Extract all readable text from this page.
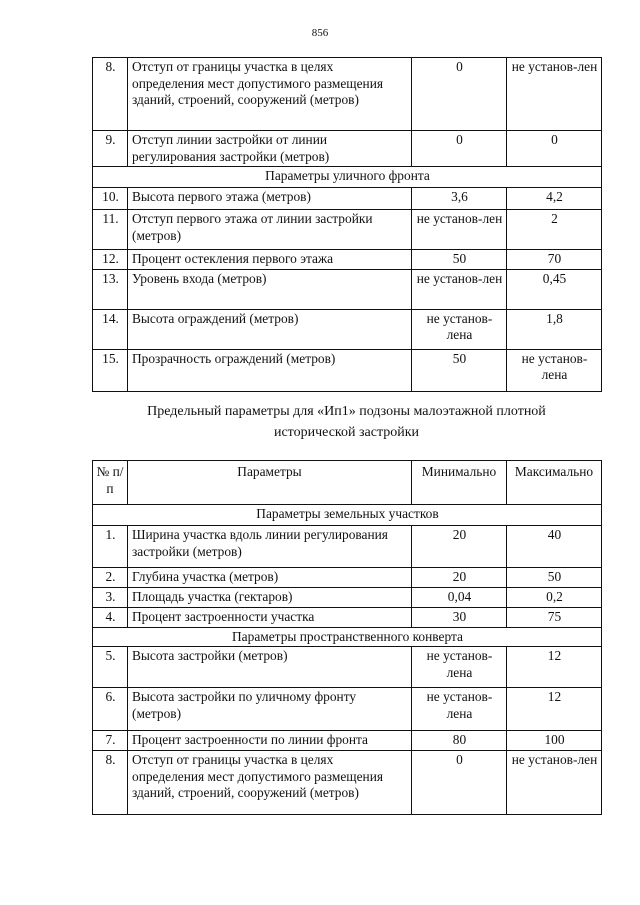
856
8.	Отступ от границы участка в целях определения мест допустимого размещения зданий, строений, сооружений (метров)	0	не установ-лен
9.	Отступ линии застройки от линии регулирования застройки (метров)	0	0
Параметры уличного фронта			
10.	Высота первого этажа (метров)	3,6	4,2
11.	Отступ первого этажа от линии застройки (метров)	не установ-лен	2
12.	Процент остекления первого этажа	50	70
13.	Уровень входа (метров)	не установ-лен	0,45
14.	Высота ограждений (метров)	не установ-лена	1,8
15.	Прозрачность ограждений (метров)	50	не установ-лена
Предельный параметры для «Ип1» подзоны малоэтажной плотной
исторической застройки
№ п/п	Параметры	Минимально	Максимально
Параметры земельных участков			
1.	Ширина участка вдоль линии регулирования застройки (метров)	20	40
2.	Глубина участка (метров)	20	50
3.	Площадь участка (гектаров)	0,04	0,2
4.	Процент застроенности участка	30	75
Параметры пространственного конверта			
5.	Высота застройки (метров)	не установ-лена	12
6.	Высота застройки по уличному фронту (метров)	не установ-лена	12
7.	Процент застроенности по линии фронта	80	100
8.	Отступ от границы участка в целях определения мест допустимого размещения зданий, строений, сооружений (метров)	0	не установ-лен
